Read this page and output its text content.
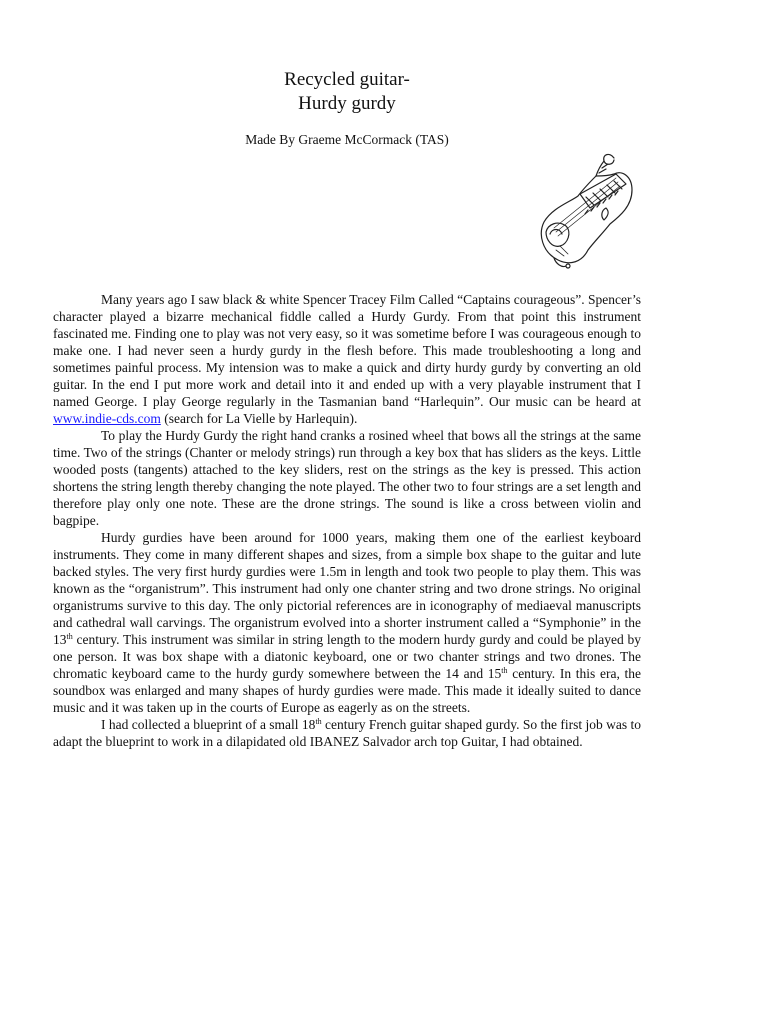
Recycled guitar-
Hurdy gurdy
Made By Graeme McCormack (TAS)

Many years ago I saw black & white Spencer Tracey Film Called “Captains courageous”. Spencer’s character played a bizarre mechanical fiddle called a Hurdy Gurdy. From that point this instrument fascinated me. Finding one to play was not very easy, so it was sometime before I was courageous enough to make one. I had never seen a hurdy gurdy in the flesh before. This made troubleshooting a long and sometimes painful process. My intension was to make a quick and dirty hurdy gurdy by converting an old guitar. In the end I put more work and detail into it and ended up with a very playable instrument that I named George. I play George regularly in the Tasmanian band “Harlequin”. Our music can be heard at www.indie-cds.com (search for La Vielle by Harlequin).

To play the Hurdy Gurdy the right hand cranks a rosined wheel that bows all the strings at the same time. Two of the strings (Chanter or melody strings) run through a key box that has sliders as the keys. Little wooded posts (tangents) attached to the key sliders, rest on the strings as the key is pressed. This action shortens the string length thereby changing the note played. The other two to four strings are a set length and therefore play only one note. These are the drone strings. The sound is like a cross between violin and bagpipe.

Hurdy gurdies have been around for 1000 years, making them one of the earliest keyboard instruments. They come in many different shapes and sizes, from a simple box shape to the guitar and lute backed styles. The very first hurdy gurdies were 1.5m in length and took two people to play them. This was known as the “organistrum”. This instrument had only one chanter string and two drone strings. No original organistrums survive to this day. The only pictorial references are in iconography of mediaeval manuscripts and cathedral wall carvings. The organistrum evolved into a shorter instrument called a “Symphonie” in the 13th century. This instrument was similar in string length to the modern hurdy gurdy and could be played by one person. It was box shape with a diatonic keyboard, one or two chanter strings and two drones. The chromatic keyboard came to the hurdy gurdy somewhere between the 14 and 15th century. In this era, the soundbox was enlarged and many shapes of hurdy gurdies were made. This made it ideally suited to dance music and it was taken up in the courts of Europe as eagerly as on the streets.

I had collected a blueprint of a small 18th century French guitar shaped gurdy. So the first job was to adapt the blueprint to work in a dilapidated old IBANEZ Salvador arch top Guitar, I had obtained.
